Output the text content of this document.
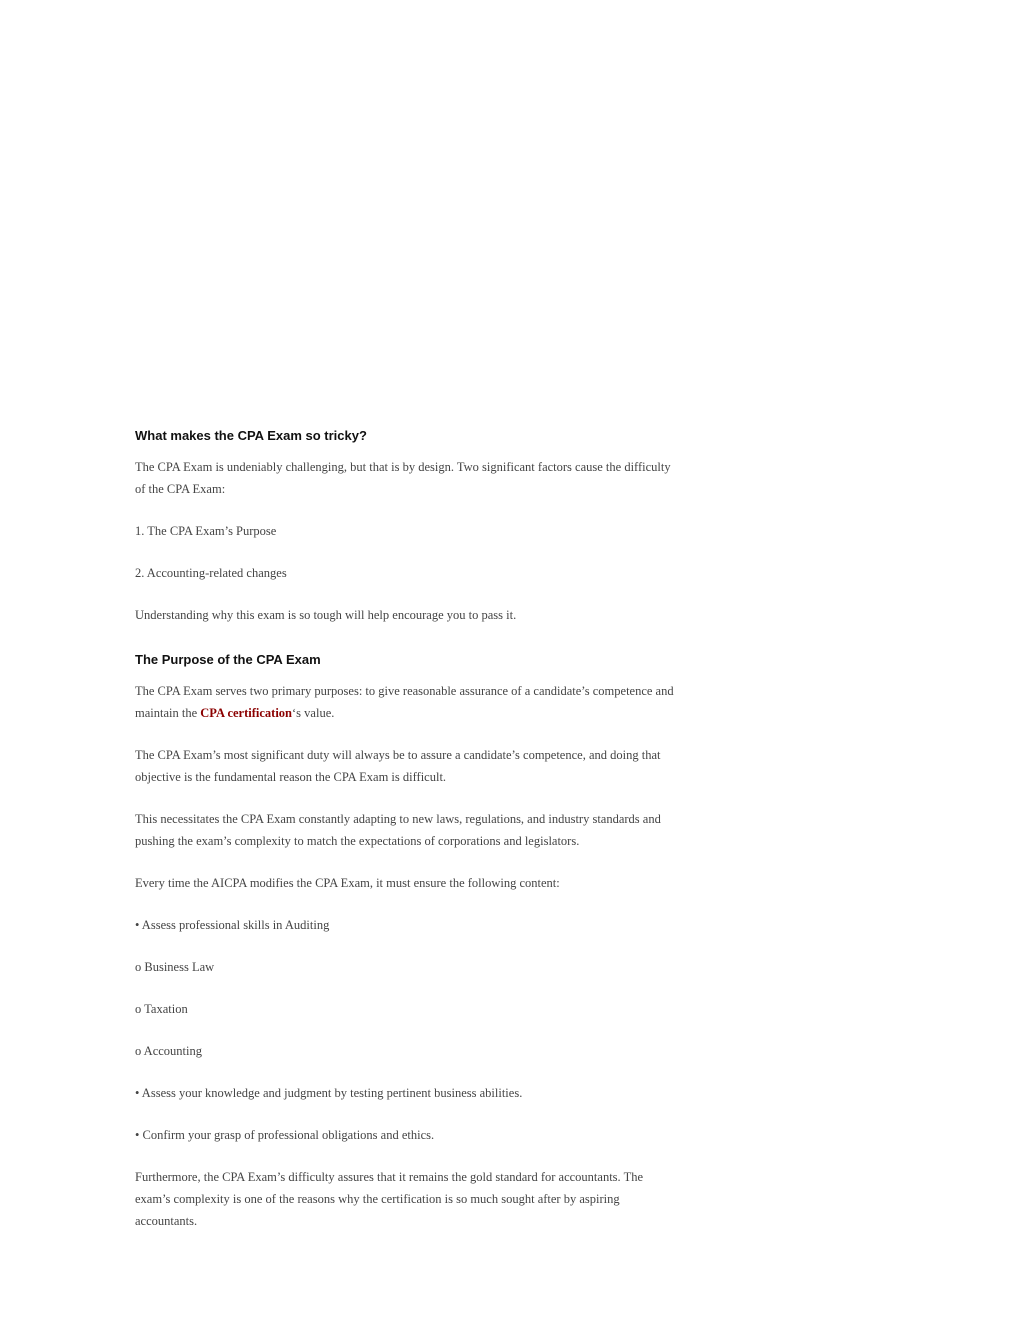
What makes the CPA Exam so tricky?

The CPA Exam is undeniably challenging, but that is by design. Two significant factors cause the difficulty of the CPA Exam:

1. The CPA Exam’s Purpose

2. Accounting-related changes

Understanding why this exam is so tough will help encourage you to pass it.

The Purpose of the CPA Exam

The CPA Exam serves two primary purposes: to give reasonable assurance of a candidate’s competence and maintain the CPA certification‘s value.

The CPA Exam’s most significant duty will always be to assure a candidate’s competence, and doing that objective is the fundamental reason the CPA Exam is difficult.

This necessitates the CPA Exam constantly adapting to new laws, regulations, and industry standards and pushing the exam’s complexity to match the expectations of corporations and legislators.

Every time the AICPA modifies the CPA Exam, it must ensure the following content:

• Assess professional skills in Auditing

o Business Law

o Taxation

o Accounting

• Assess your knowledge and judgment by testing pertinent business abilities.

• Confirm your grasp of professional obligations and ethics.

Furthermore, the CPA Exam’s difficulty assures that it remains the gold standard for accountants. The exam’s complexity is one of the reasons why the certification is so much sought after by aspiring accountants.
